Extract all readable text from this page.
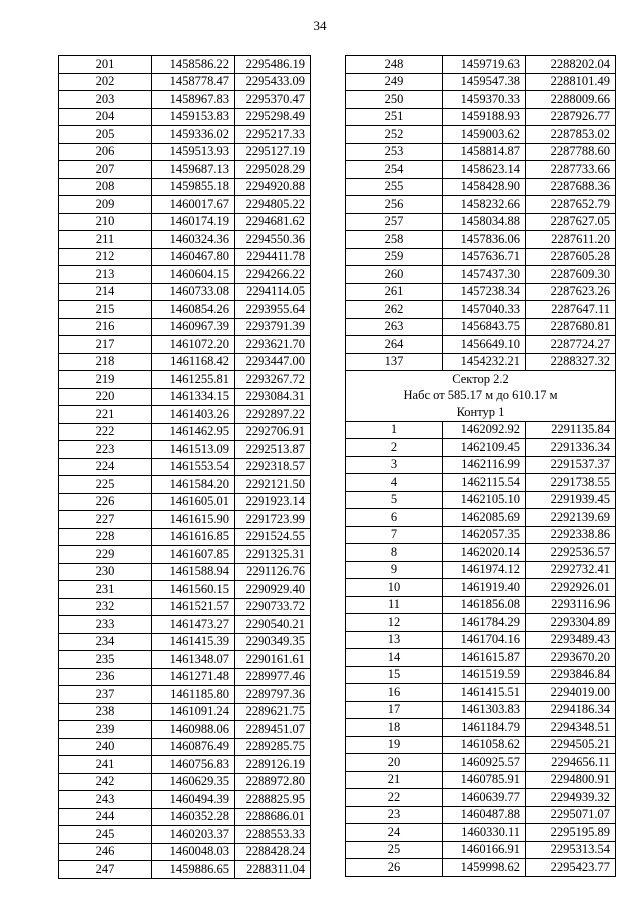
34
201	1458586.22	2295486.19
202	1458778.47	2295433.09
203	1458967.83	2295370.47
204	1459153.83	2295298.49
205	1459336.02	2295217.33
206	1459513.93	2295127.19
207	1459687.13	2295028.29
208	1459855.18	2294920.88
209	1460017.67	2294805.22
210	1460174.19	2294681.62
211	1460324.36	2294550.36
212	1460467.80	2294411.78
213	1460604.15	2294266.22
214	1460733.08	2294114.05
215	1460854.26	2293955.64
216	1460967.39	2293791.39
217	1461072.20	2293621.70
218	1461168.42	2293447.00
219	1461255.81	2293267.72
220	1461334.15	2293084.31
221	1461403.26	2292897.22
222	1461462.95	2292706.91
223	1461513.09	2292513.87
224	1461553.54	2292318.57
225	1461584.20	2292121.50
226	1461605.01	2291923.14
227	1461615.90	2291723.99
228	1461616.85	2291524.55
229	1461607.85	2291325.31
230	1461588.94	2291126.76
231	1461560.15	2290929.40
232	1461521.57	2290733.72
233	1461473.27	2290540.21
234	1461415.39	2290349.35
235	1461348.07	2290161.61
236	1461271.48	2289977.46
237	1461185.80	2289797.36
238	1461091.24	2289621.75
239	1460988.06	2289451.07
240	1460876.49	2289285.75
241	1460756.83	2289126.19
242	1460629.35	2288972.80
243	1460494.39	2288825.95
244	1460352.28	2288686.01
245	1460203.37	2288553.33
246	1460048.03	2288428.24
247	1459886.65	2288311.04
248	1459719.63	2288202.04
249	1459547.38	2288101.49
250	1459370.33	2288009.66
251	1459188.93	2287926.77
252	1459003.62	2287853.02
253	1458814.87	2287788.60
254	1458623.14	2287733.66
255	1458428.90	2287688.36
256	1458232.66	2287652.79
257	1458034.88	2287627.05
258	1457836.06	2287611.20
259	1457636.71	2287605.28
260	1457437.30	2287609.30
261	1457238.34	2287623.26
262	1457040.33	2287647.11
263	1456843.75	2287680.81
264	1456649.10	2287724.27
137	1454232.21	2288327.32
Сектор 2.2		
Набс от 585.17 м до 610.17 м		
Контур 1		
1	1462092.92	2291135.84
2	1462109.45	2291336.34
3	1462116.99	2291537.37
4	1462115.54	2291738.55
5	1462105.10	2291939.45
6	1462085.69	2292139.69
7	1462057.35	2292338.86
8	1462020.14	2292536.57
9	1461974.12	2292732.41
10	1461919.40	2292926.01
11	1461856.08	2293116.96
12	1461784.29	2293304.89
13	1461704.16	2293489.43
14	1461615.87	2293670.20
15	1461519.59	2293846.84
16	1461415.51	2294019.00
17	1461303.83	2294186.34
18	1461184.79	2294348.51
19	1461058.62	2294505.21
20	1460925.57	2294656.11
21	1460785.91	2294800.91
22	1460639.77	2294939.32
23	1460487.88	2295071.07
24	1460330.11	2295195.89
25	1460166.91	2295313.54
26	1459998.62	2295423.77
